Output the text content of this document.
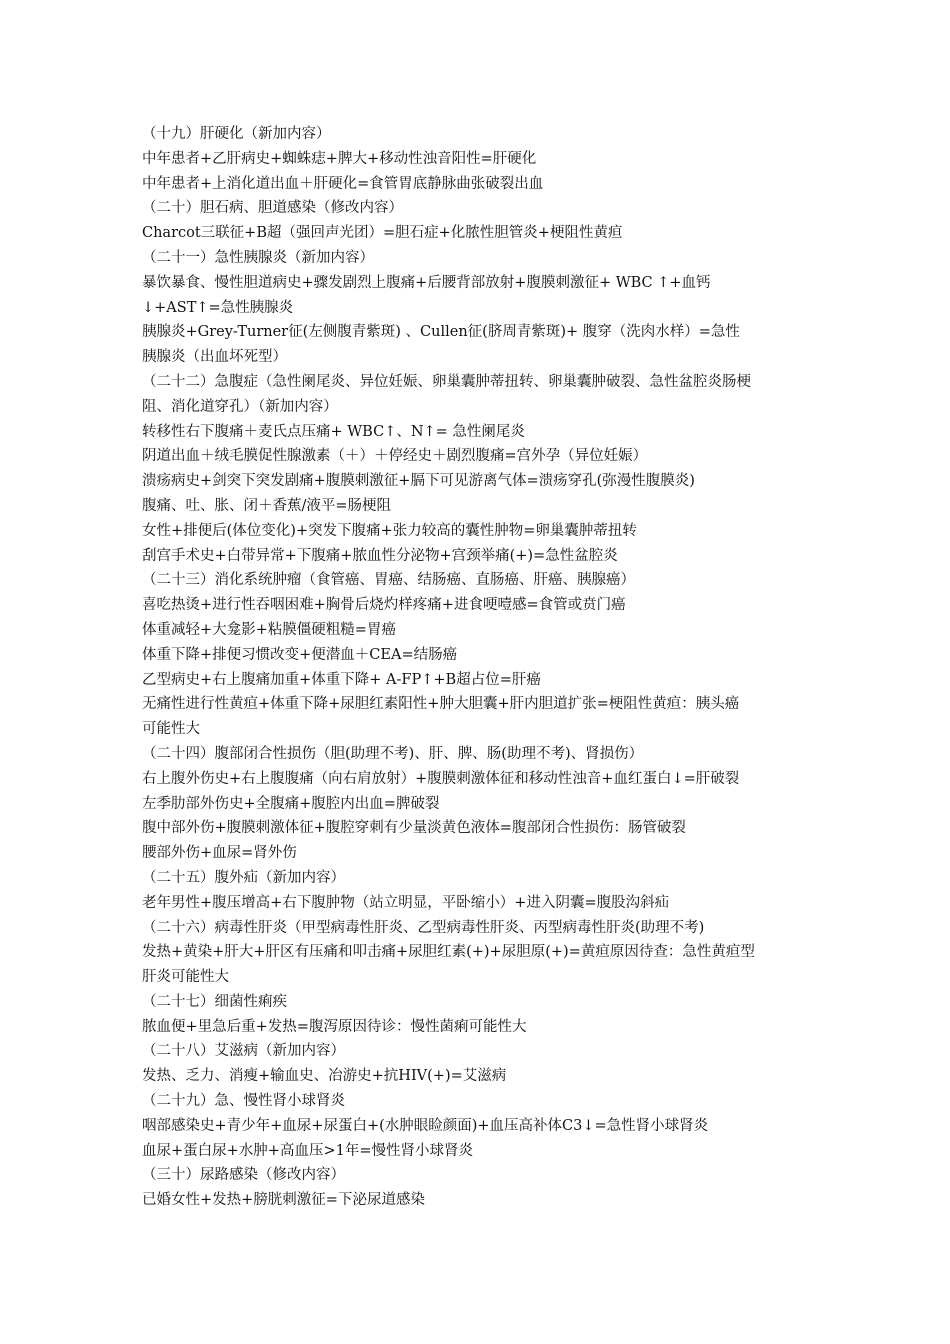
（十九）肝硬化（新加内容）
中年患者+乙肝病史+蜘蛛痣+脾大+移动性浊音阳性=肝硬化
中年患者+上消化道出血＋肝硬化=食管胃底静脉曲张破裂出血
（二十）胆石病、胆道感染（修改内容）
Charcot三联征+B超（强回声光团）=胆石症+化脓性胆管炎+梗阻性黄疸
（二十一）急性胰腺炎（新加内容）
暴饮暴食、慢性胆道病史+骤发剧烈上腹痛+后腰背部放射+腹膜刺激征+ WBC ↑+血钙
↓+AST↑=急性胰腺炎
胰腺炎+Grey-Turner征(左侧腹青紫斑) 、Cullen征(脐周青紫斑)+ 腹穿（洗肉水样）=急性
胰腺炎（出血坏死型）
（二十二）急腹症（急性阑尾炎、异位妊娠、卵巢囊肿蒂扭转、卵巢囊肿破裂、急性盆腔炎肠梗
阻、消化道穿孔）（新加内容）
转移性右下腹痛＋麦氏点压痛+ WBC↑、N↑= 急性阑尾炎
阴道出血＋绒毛膜促性腺激素（＋）＋停经史＋剧烈腹痛=宫外孕（异位妊娠）
溃疡病史+剑突下突发剧痛+腹膜刺激征+膈下可见游离气体=溃疡穿孔(弥漫性腹膜炎)
腹痛、吐、胀、闭＋香蕉/液平=肠梗阻
女性+排便后(体位变化)+突发下腹痛+张力较高的囊性肿物=卵巢囊肿蒂扭转
刮宫手术史+白带异常+下腹痛+脓血性分泌物+宫颈举痛(+)=急性盆腔炎
（二十三）消化系统肿瘤（食管癌、胃癌、结肠癌、直肠癌、肝癌、胰腺癌）
喜吃热烫+进行性吞咽困难+胸骨后烧灼样疼痛+进食哽噎感=食管或贲门癌
体重减轻+大龛影+粘膜僵硬粗糙=胃癌
体重下降+排便习惯改变+便潜血＋CEA=结肠癌
乙型病史+右上腹痛加重+体重下降+ A-FP↑+B超占位=肝癌
无痛性进行性黄疸+体重下降+尿胆红素阳性+肿大胆囊+肝内胆道扩张=梗阻性黄疸：胰头癌
可能性大
（二十四）腹部闭合性损伤（胆(助理不考)、肝、脾、肠(助理不考)、肾损伤）
右上腹外伤史+右上腹腹痛（向右肩放射）+腹膜刺激体征和移动性浊音+血红蛋白↓=肝破裂
左季肋部外伤史+全腹痛+腹腔内出血=脾破裂
腹中部外伤+腹膜刺激体征+腹腔穿刺有少量淡黄色液体=腹部闭合性损伤：肠管破裂
腰部外伤+血尿=肾外伤
（二十五）腹外疝（新加内容）
老年男性+腹压增高+右下腹肿物（站立明显，平卧缩小）+进入阴囊=腹股沟斜疝
（二十六）病毒性肝炎（甲型病毒性肝炎、乙型病毒性肝炎、丙型病毒性肝炎(助理不考)
发热+黄染+肝大+肝区有压痛和叩击痛+尿胆红素(+)+尿胆原(+)=黄疸原因待查：急性黄疸型
肝炎可能性大
（二十七）细菌性痢疾
脓血便+里急后重+发热=腹泻原因待诊：慢性菌痢可能性大
（二十八）艾滋病（新加内容）
发热、乏力、消瘦+输血史、冶游史+抗HIV(+)=艾滋病
（二十九）急、慢性肾小球肾炎
咽部感染史+青少年+血尿+尿蛋白+(水肿眼睑颜面)+血压高补体C3↓=急性肾小球肾炎
血尿+蛋白尿+水肿+高血压>1年=慢性肾小球肾炎
（三十）尿路感染（修改内容）
已婚女性+发热+膀胱刺激征=下泌尿道感染
